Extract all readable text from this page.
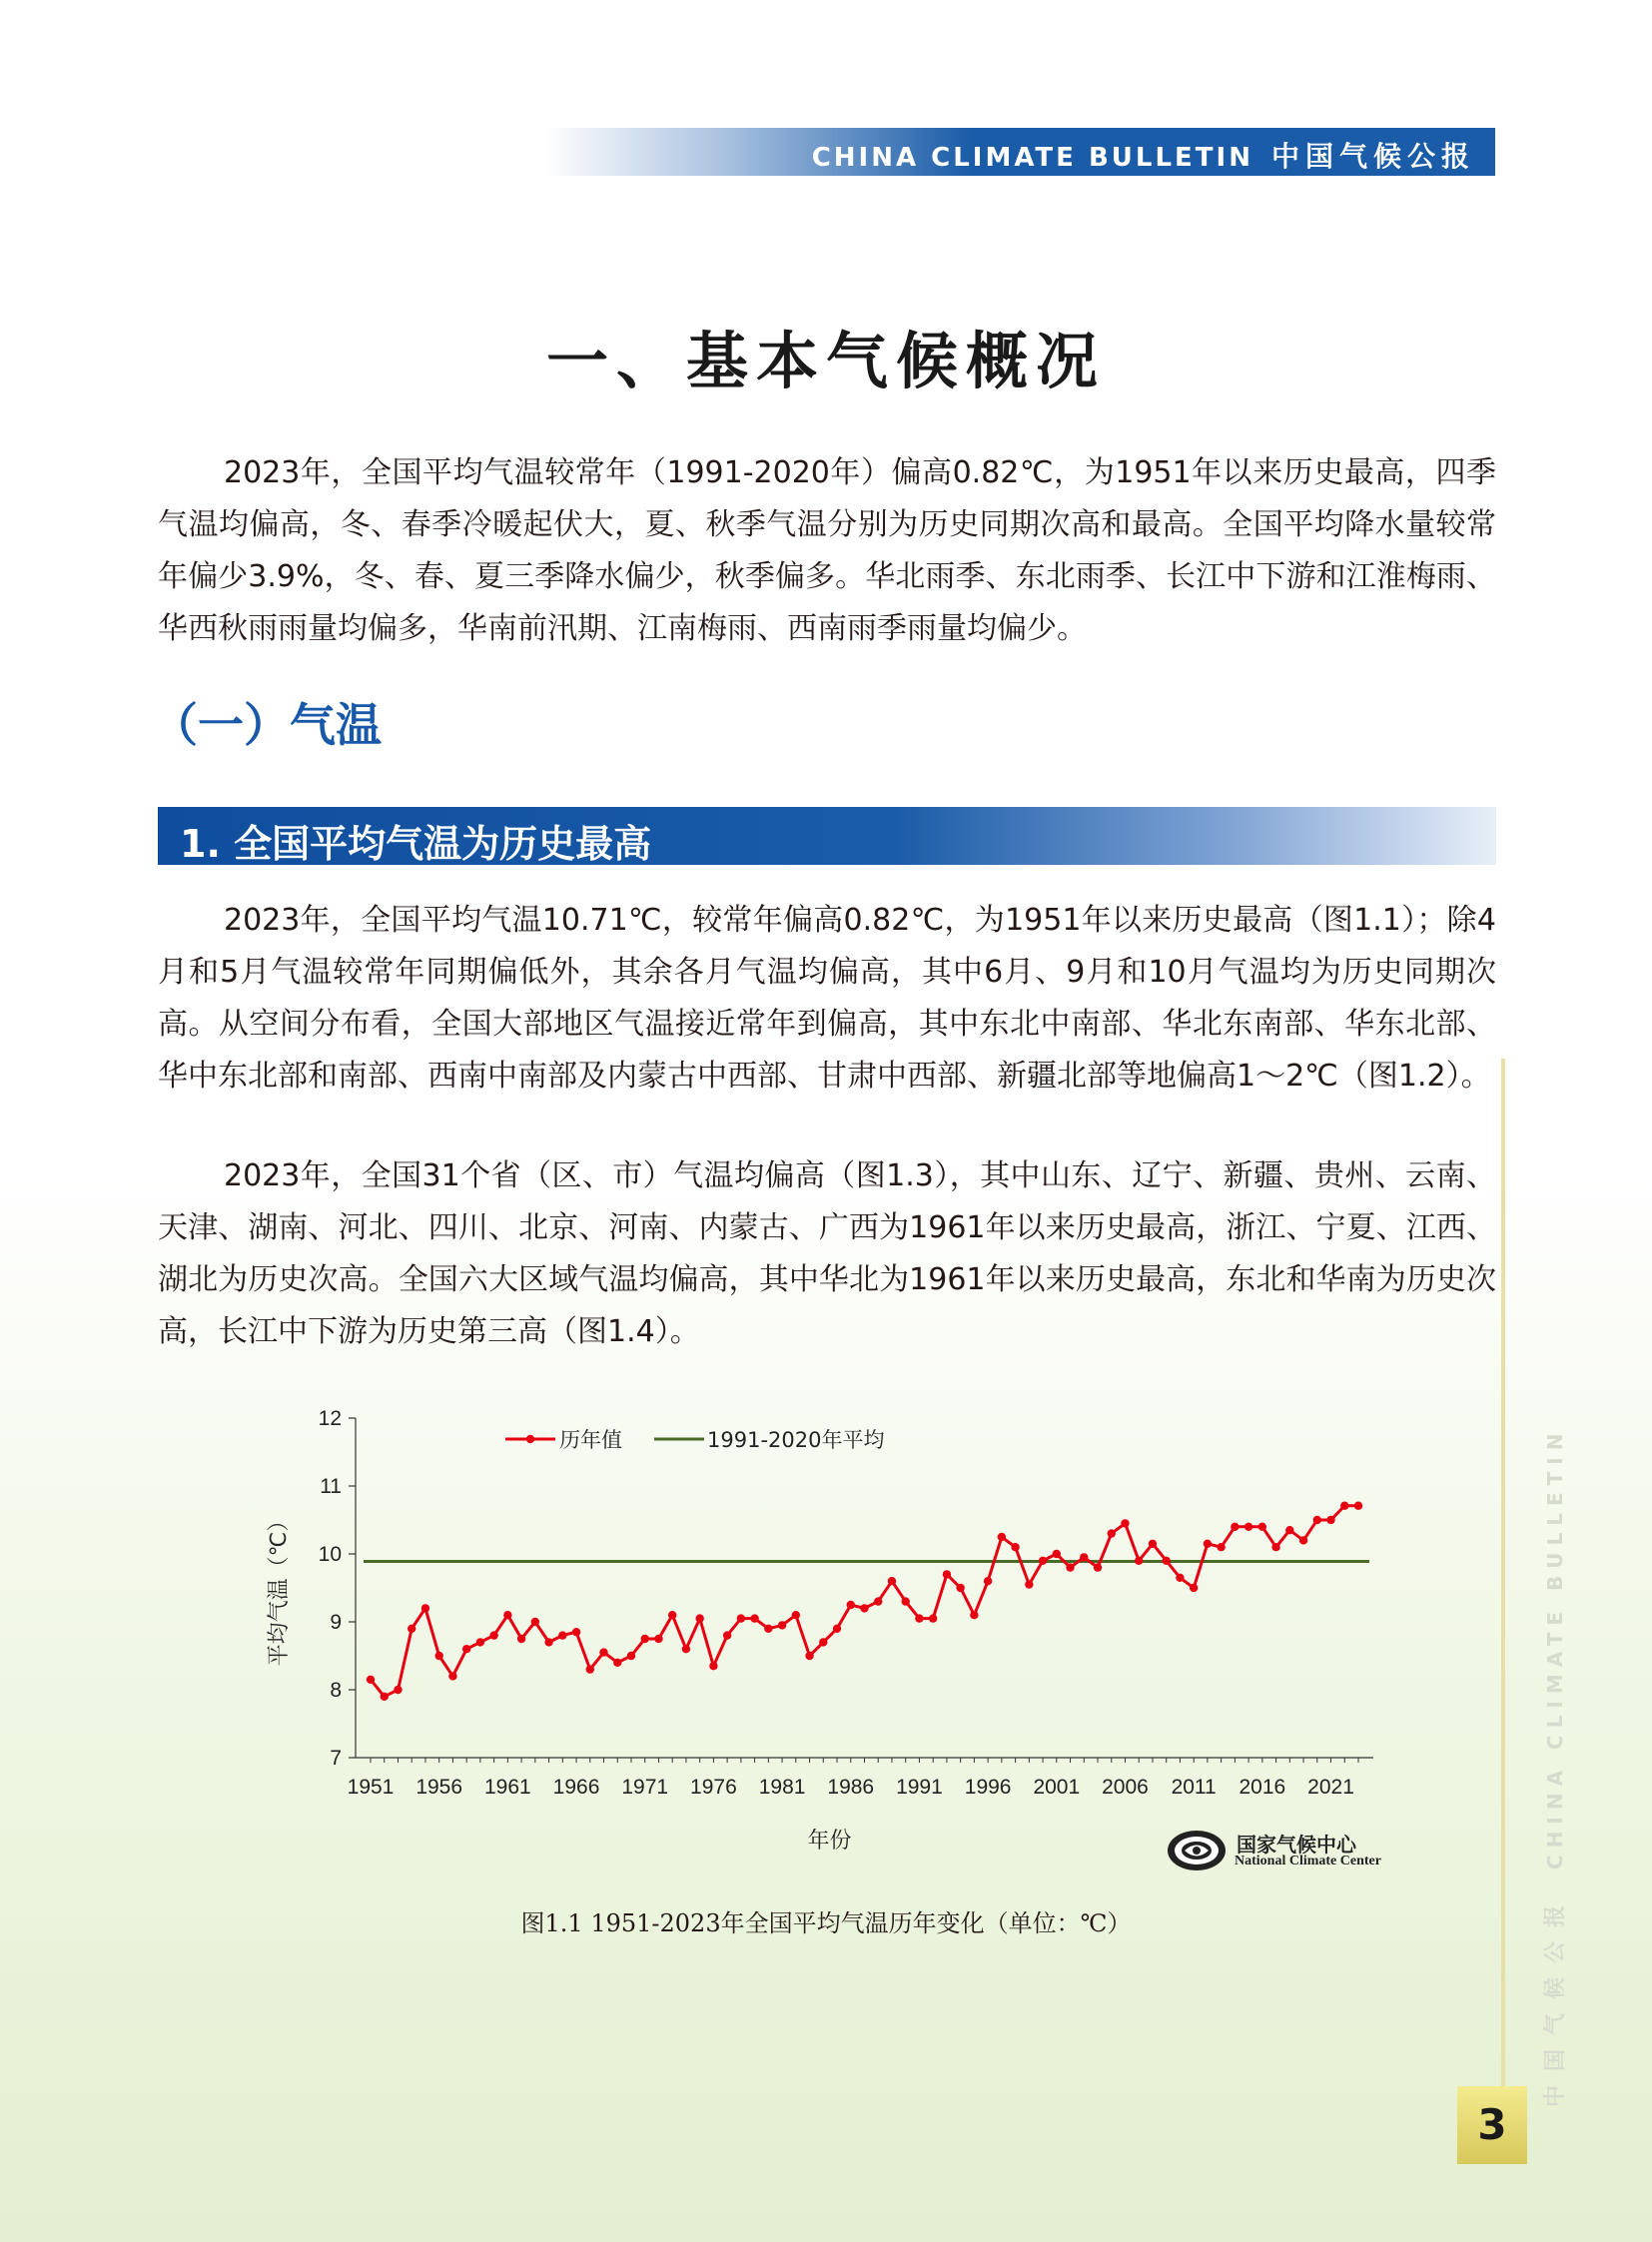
CHINA CLIMATE BULLETIN 中国气候公报
一、基本气候概况

2023年，全国平均气温较常年（1991-2020年）偏高0.82℃，为1951年以来历史最高，四季气温均偏高，冬、春季冷暖起伏大，夏、秋季气温分别为历史同期次高和最高。全国平均降水量较常年偏少3.9%，冬、春、夏三季降水偏少，秋季偏多。华北雨季、东北雨季、长江中下游和江淮梅雨、华西秋雨雨量均偏多，华南前汛期、江南梅雨、西南雨季雨量均偏少。

（一）气温
1. 全国平均气温为历史最高

2023年，全国平均气温10.71℃，较常年偏高0.82℃，为1951年以来历史最高（图1.1）；除4月和5月气温较常年同期偏低外，其余各月气温均偏高，其中6月、9月和10月气温均为历史同期次高。从空间分布看，全国大部地区气温接近常年到偏高，其中东北中南部、华北东南部、华东北部、华中东北部和南部、西南中南部及内蒙古中西部、甘肃中西部、新疆北部等地偏高1～2℃（图1.2）。

2023年，全国31个省（区、市）气温均偏高（图1.3），其中山东、辽宁、新疆、贵州、云南、天津、湖南、河北、四川、北京、河南、内蒙古、广西为1961年以来历史最高，浙江、宁夏、江西、湖北为历史次高。全国六大区域气温均偏高，其中华北为1961年以来历史最高，东北和华南为历史次高，长江中下游为历史第三高（图1.4）。

7
8
9
10
11
12
1951 1956 1961 1966 1971 1976 1981 1986 1991 1996 2001 2006 2011 2016 2021
平均气温（℃）
年份
历年值	1991-2020年平均
国家气候中心
National Climate Center
图1.1 1951-2023年全国平均气温历年变化（单位：℃）	中国气候公报CHINA CLIMATE BULLETIN
3
